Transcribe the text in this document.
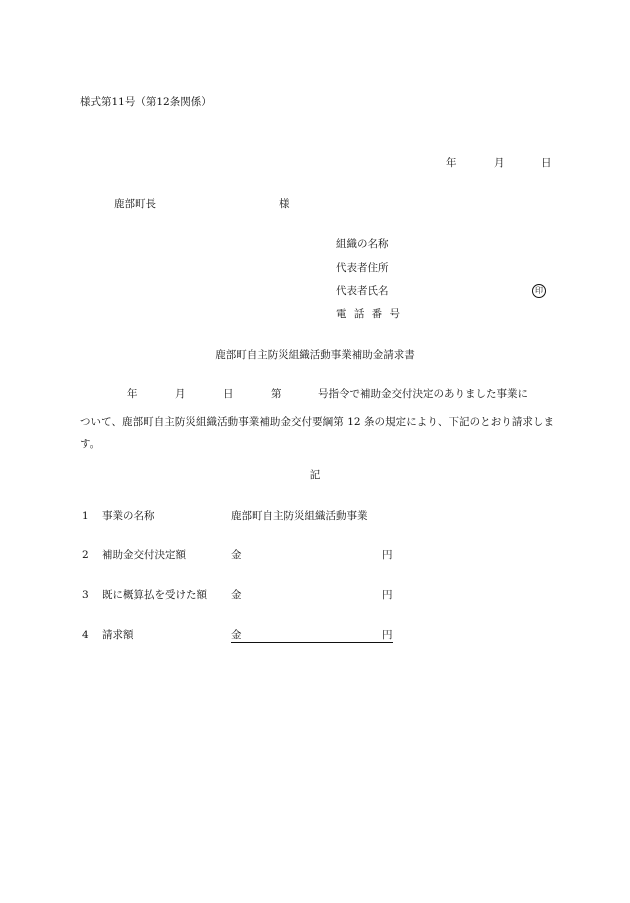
様式第11号（第12条関係）
年	月	日
鹿部町長	様
組織の名称
代表者住所
代表者氏名	印
電 話 番 号
鹿部町自主防災組織活動事業補助金請求書
年	月	日	第	号指令で補助金交付決定のありました事業に
ついて、鹿部町自主防災組織活動事業補助金交付要綱第 12 条の規定により、下記のとおり請求します。
記
1 事業の名称	鹿部町自主防災組織活動事業
2 補助金交付決定額	金	円
3 既に概算払を受けた額 金	円
4 請求額	金	円
